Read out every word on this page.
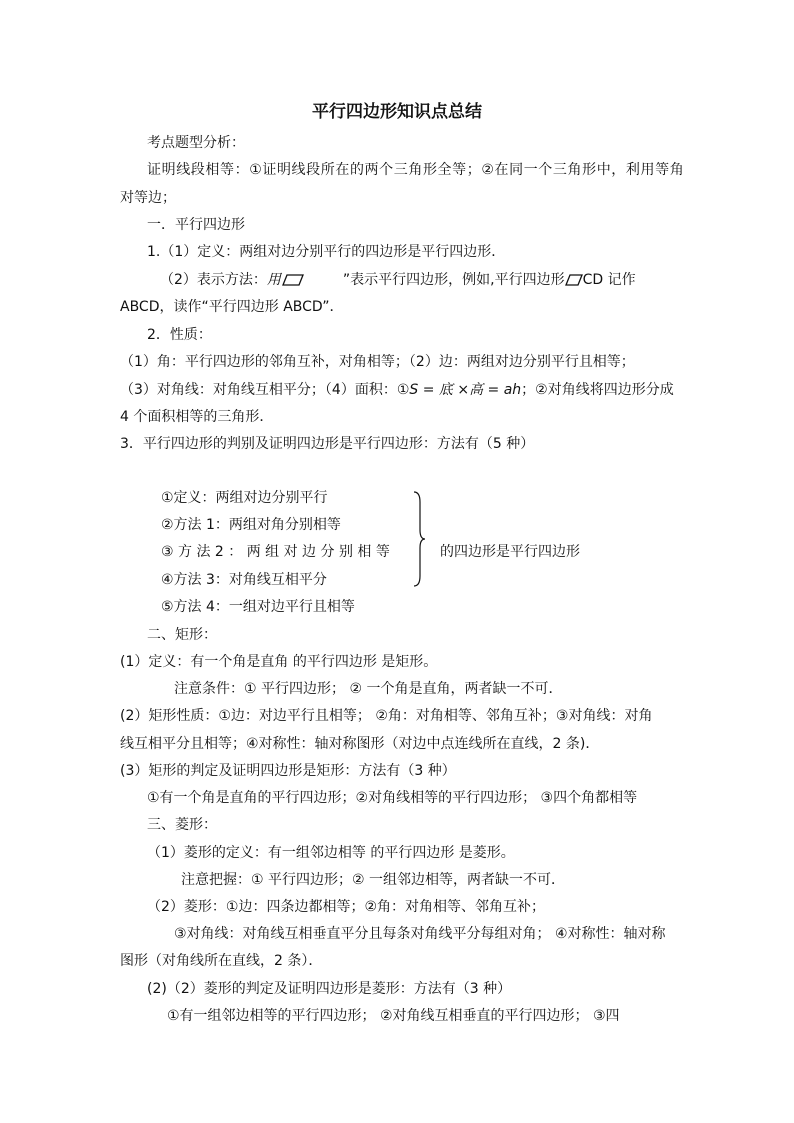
平行四边形知识点总结
考点题型分析：
证明线段相等：①证明线段所在的两个三角形全等；②在同一个三角形中，利用等角
对等边；
一．平行四边形
1.（1）定义：两组对边分别平行的四边形是平行四边形．
（2）表示方法：用	”表示平行四边形，例如,平行四边形 CD 记作
ABCD，读作“平行四边形 ABCD”．
2．性质：
（1）角：平行四边形的邻角互补，对角相等；（2）边：两组对边分别平行且相等；
（3）对角线：对角线互相平分；（4）面积：①S = 底 ×高 = ah；②对角线将四边形分成
4 个面积相等的三角形．
3．平行四边形的判别及证明四边形是平行四边形：方法有（5 种）
①定义：两组对边分别平行
②方法 1：两组对角分别相等
③ 方 法 2 ： 两 组 对 边 分 别 相 等
④方法 3：对角线互相平分
⑤方法 4：一组对边平行且相等
的四边形是平行四边形
二、矩形：
(1）定义：有一个角是直角 的平行四边形 是矩形。
注意条件：① 平行四边形； ② 一个角是直角，两者缺一不可．
(2）矩形性质：①边：对边平行且相等； ②角：对角相等、邻角互补；③对角线：对角
线互相平分且相等；④对称性：轴对称图形（对边中点连线所在直线，2 条)．
(3）矩形的判定及证明四边形是矩形：方法有（3 种）
①有一个角是直角的平行四边形；②对角线相等的平行四边形； ③四个角都相等
三、菱形：
（1）菱形的定义：有一组邻边相等 的平行四边形 是菱形。
注意把握：① 平行四边形；② 一组邻边相等，两者缺一不可．
（2）菱形：①边：四条边都相等；②角：对角相等、邻角互补；
③对角线：对角线互相垂直平分且每条对角线平分每组对角； ④对称性：轴对称
图形（对角线所在直线，2 条）．
(2)（2）菱形的判定及证明四边形是菱形：方法有（3 种）
①有一组邻边相等的平行四边形； ②对角线互相垂直的平行四边形； ③四
